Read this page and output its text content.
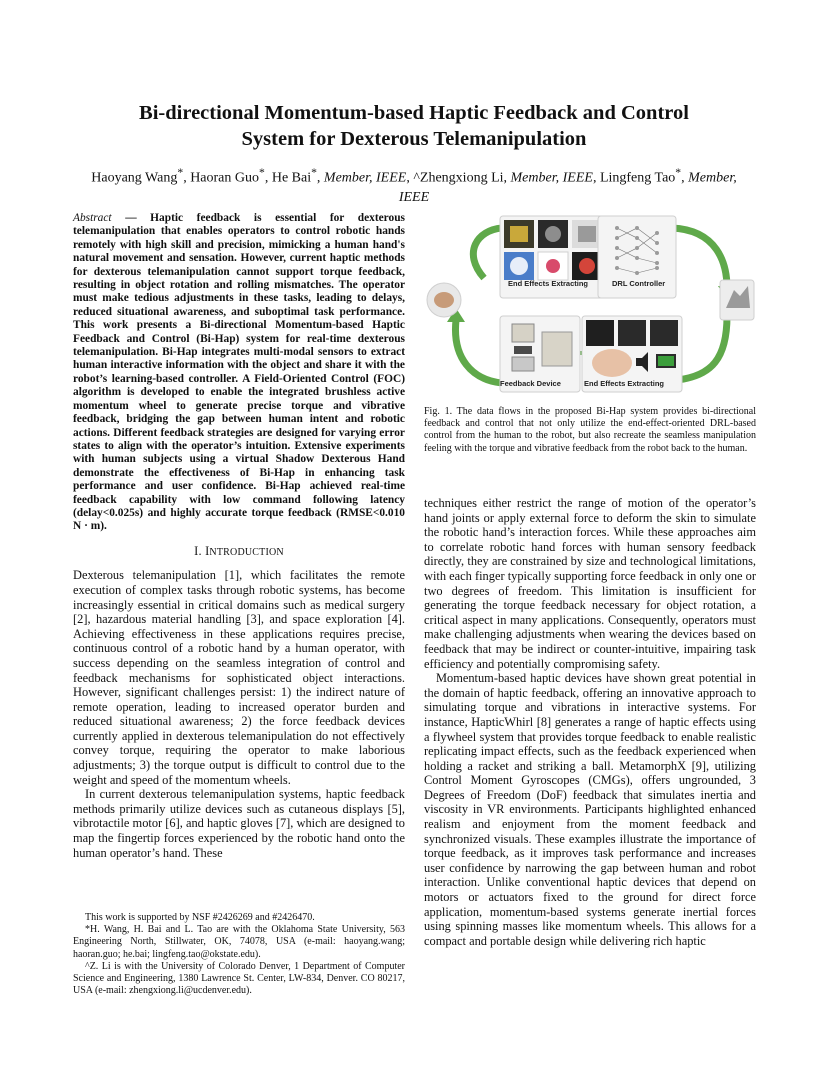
Bi-directional Momentum-based Haptic Feedback and Control
System for Dexterous Telemanipulation
Haoyang Wang*, Haoran Guo*, He Bai*, Member, IEEE, ^Zhengxiong Li, Member, IEEE, Lingfeng Tao*, Member, IEEE

Abstract — Haptic feedback is essential for dexterous telemanipulation that enables operators to control robotic hands remotely with high skill and precision, mimicking a human hand's natural movement and sensation. However, current haptic methods for dexterous telemanipulation cannot support torque feedback, resulting in object rotation and rolling mismatches. The operator must make tedious adjustments in these tasks, leading to delays, reduced situational awareness, and suboptimal task performance. This work presents a Bi-directional Momentum-based Haptic Feedback and Control (Bi-Hap) system for real-time dexterous telemanipulation. Bi-Hap integrates multi-modal sensors to extract human interactive information with the object and share it with the robot’s learning-based controller. A Field-Oriented Control (FOC) algorithm is developed to enable the integrated brushless active momentum wheel to generate precise torque and vibrative feedback, bridging the gap between human intent and robotic actions. Different feedback strategies are designed for varying error states to align with the operator’s intuition. Extensive experiments with human subjects using a virtual Shadow Dexterous Hand demonstrate the effectiveness of Bi-Hap in enhancing task performance and user confidence. Bi-Hap achieved real-time feedback capability with low command following latency (delay<0.025s) and highly accurate torque feedback (RMSE<0.010 N · m).

I. INTRODUCTION

Dexterous telemanipulation [1], which facilitates the remote execution of complex tasks through robotic systems, has become increasingly essential in critical domains such as medical surgery [2], hazardous material handling [3], and space exploration [4]. Achieving effectiveness in these applications requires precise, continuous control of a robotic hand by a human operator, with success depending on the seamless integration of control and feedback mechanisms for sophisticated object interactions. However, significant challenges persist: 1) the indirect nature of remote operation, leading to increased operator burden and reduced situational awareness; 2) the force feedback devices currently applied in dexterous telemanipulation do not effectively convey torque, requiring the operator to make laborious adjustments; 3) the torque output is difficult to control due to the weight and speed of the momentum wheels.

In current dexterous telemanipulation systems, haptic feedback methods primarily utilize devices such as cutaneous displays [5], vibrotactile motor [6], and haptic gloves [7], which are designed to map the fingertip forces experienced by the robotic hand onto the human operator’s hand. These

This work is supported by NSF #2426269 and #2426470.

*H. Wang, H. Bai and L. Tao are with the Oklahoma State University, 563 Engineering North, Stillwater, OK, 74078, USA (e-mail: haoyang.wang; haoran.guo; he.bai; lingfeng.tao@okstate.edu).

^Z. Li is with the University of Colorado Denver, 1 Department of Computer Science and Engineering, 1380 Lawrence St. Center, LW-834, Denver. CO 80217, USA (e-mail: zhengxiong.li@ucdenver.edu).

End Effects Extracting	DRL Controller
Feedback Device	End Effects Extracting
Fig. 1. The data flows in the proposed Bi-Hap system provides bi-directional feedback and control that not only utilize the end-effect-oriented DRL-based control from the human to the robot, but also recreate the seamless manipulation feeling with the torque and vibrative feedback from the robot back to the human.

techniques either restrict the range of motion of the operator’s hand joints or apply external force to deform the skin to simulate the robotic hand’s interaction forces. While these approaches aim to correlate robotic hand forces with human sensory feedback directly, they are constrained by size and technological limitations, with each finger typically supporting force feedback in only one or two degrees of freedom. This limitation is insufficient for generating the torque feedback necessary for object rotation, a critical aspect in many applications. Consequently, operators must make challenging adjustments when wearing the devices based on feedback that may be indirect or counter-intuitive, impairing task efficiency and potentially compromising safety.

Momentum-based haptic devices have shown great potential in the domain of haptic feedback, offering an innovative approach to simulating torque and vibrations in interactive systems. For instance, HapticWhirl [8] generates a range of haptic effects using a flywheel system that provides torque feedback to enable realistic replicating impact effects, such as the feedback experienced when holding a racket and striking a ball. MetamorphX [9], utilizing Control Moment Gyroscopes (CMGs), offers ungrounded, 3 Degrees of Freedom (DoF) feedback that simulates inertia and viscosity in VR environments. Participants highlighted enhanced realism and enjoyment from the moment feedback and synchronized visuals. These examples illustrate the importance of torque feedback, as it improves task performance and increases user confidence by narrowing the gap between human and robot interaction. Unlike conventional haptic devices that depend on motors or actuators fixed to the ground for direct force application, momentum-based systems generate inertial forces using spinning masses like momentum wheels. This allows for a compact and portable design while delivering rich haptic
